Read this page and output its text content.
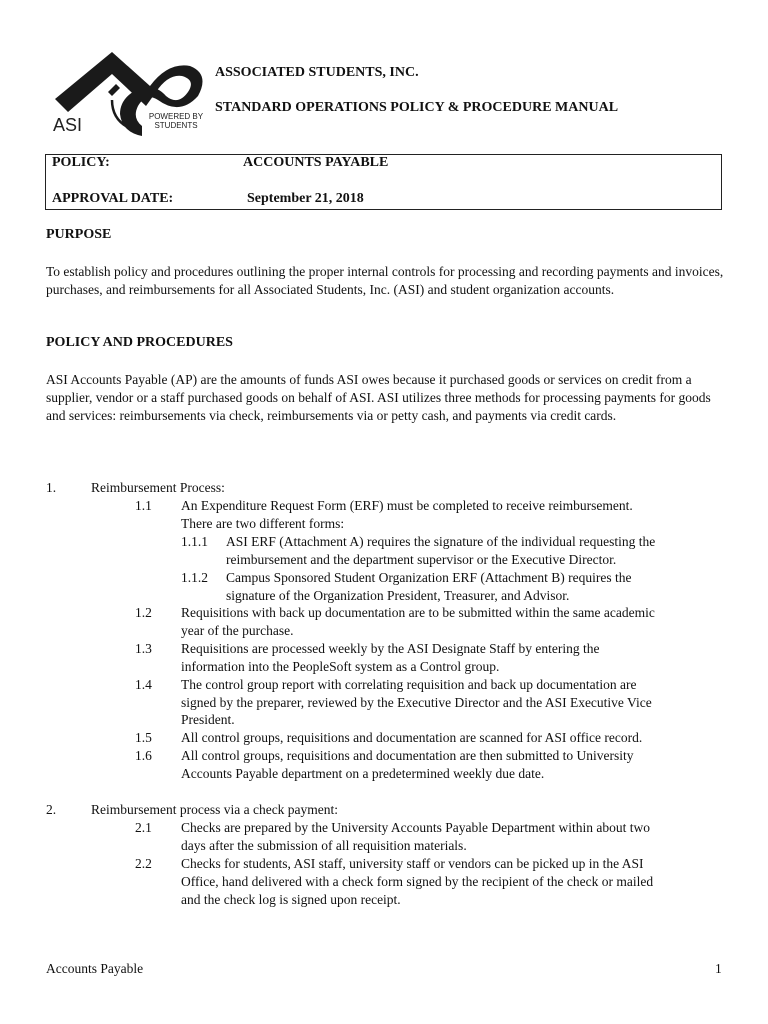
ASI	POWERED BY
STUDENTS
ASSOCIATED STUDENTS, INC.
STANDARD OPERATIONS POLICY & PROCEDURE MANUAL
POLICY:	ACCOUNTS PAYABLE
APPROVAL DATE:	September 21, 2018
PURPOSE

To establish policy and procedures outlining the proper internal controls for processing and recording payments and invoices, purchases, and reimbursements for all Associated Students, Inc. (ASI) and student organization accounts.

POLICY AND PROCEDURES

ASI Accounts Payable (AP) are the amounts of funds ASI owes because it purchased goods or services on credit from a supplier, vendor or a staff purchased goods on behalf of ASI. ASI utilizes three methods for processing payments for goods and services: reimbursements via check, reimbursements via or petty cash, and payments via credit cards.

1.	Reimbursement Process:
1.1 An Expenditure Request Form (ERF) must be completed to receive reimbursement.
There are two different forms:
1.1.1 ASI ERF (Attachment A) requires the signature of the individual requesting the
reimbursement and the department supervisor or the Executive Director.
1.1.2 Campus Sponsored Student Organization ERF (Attachment B) requires the
signature of the Organization President, Treasurer, and Advisor.
1.2 Requisitions with back up documentation are to be submitted within the same academic
year of the purchase.
1.3 Requisitions are processed weekly by the ASI Designate Staff by entering the
information into the PeopleSoft system as a Control group.
1.4 The control group report with correlating requisition and back up documentation are
signed by the preparer, reviewed by the Executive Director and the ASI Executive Vice
President.
1.5 All control groups, requisitions and documentation are scanned for ASI office record.
1.6 All control groups, requisitions and documentation are then submitted to University
Accounts Payable department on a predetermined weekly due date.
2.	Reimbursement process via a check payment:
2.1 Checks are prepared by the University Accounts Payable Department within about two
days after the submission of all requisition materials.
2.2 Checks for students, ASI staff, university staff or vendors can be picked up in the ASI
Office, hand delivered with a check form signed by the recipient of the check or mailed
and the check log is signed upon receipt.
Accounts Payable	1
